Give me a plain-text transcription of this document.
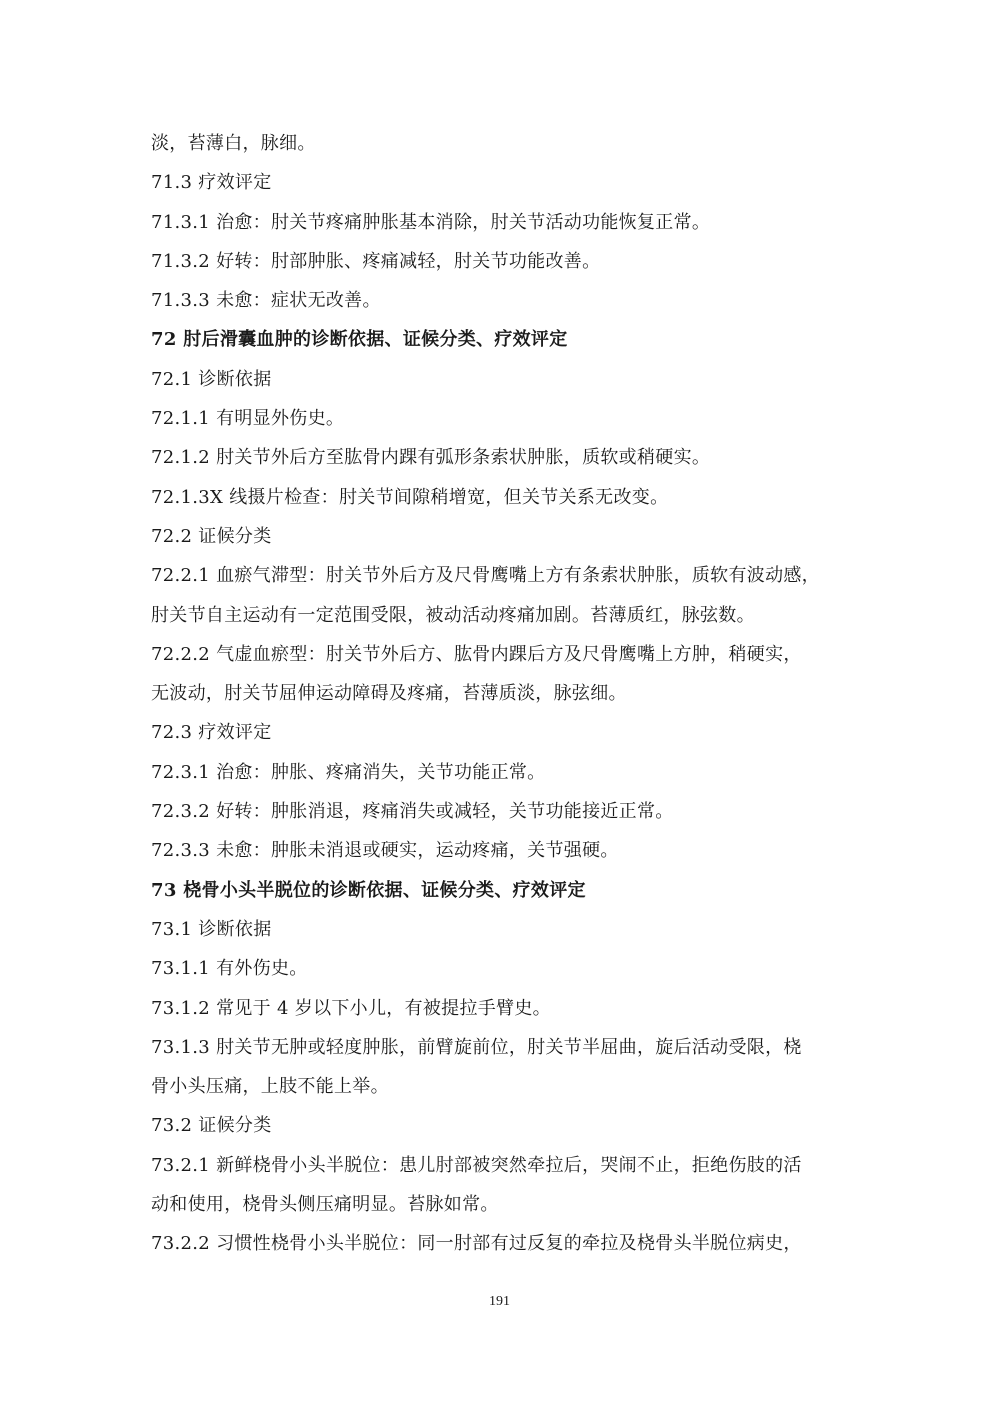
淡，苔薄白，脉细。
71.3 疗效评定
71.3.1 治愈：肘关节疼痛肿胀基本消除，肘关节活动功能恢复正常。
71.3.2 好转：肘部肿胀、疼痛减轻，肘关节功能改善。
71.3.3 未愈：症状无改善。
72 肘后滑囊血肿的诊断依据、证候分类、疗效评定
72.1 诊断依据
72.1.1 有明显外伤史。
72.1.2 肘关节外后方至肱骨内踝有弧形条索状肿胀，质软或稍硬实。
72.1.3X 线摄片检查：肘关节间隙稍增宽，但关节关系无改变。
72.2 证候分类
72.2.1 血瘀气滞型：肘关节外后方及尺骨鹰嘴上方有条索状肿胀，质软有波动感，
肘关节自主运动有一定范围受限，被动活动疼痛加剧。苔薄质红，脉弦数。
72.2.2 气虚血瘀型：肘关节外后方、肱骨内踝后方及尺骨鹰嘴上方肿，稍硬实，
无波动，肘关节屈伸运动障碍及疼痛，苔薄质淡，脉弦细。
72.3 疗效评定
72.3.1 治愈：肿胀、疼痛消失，关节功能正常。
72.3.2 好转：肿胀消退，疼痛消失或减轻，关节功能接近正常。
72.3.3 未愈：肿胀未消退或硬实，运动疼痛，关节强硬。
73 桡骨小头半脱位的诊断依据、证候分类、疗效评定
73.1 诊断依据
73.1.1 有外伤史。
73.1.2 常见于 4 岁以下小儿，有被提拉手臂史。
73.1.3 肘关节无肿或轻度肿胀，前臂旋前位，肘关节半屈曲，旋后活动受限，桡
骨小头压痛，上肢不能上举。
73.2 证候分类
73.2.1 新鲜桡骨小头半脱位：患儿肘部被突然牵拉后，哭闹不止，拒绝伤肢的活
动和使用，桡骨头侧压痛明显。苔脉如常。
73.2.2 习惯性桡骨小头半脱位：同一肘部有过反复的牵拉及桡骨头半脱位病史，
191
